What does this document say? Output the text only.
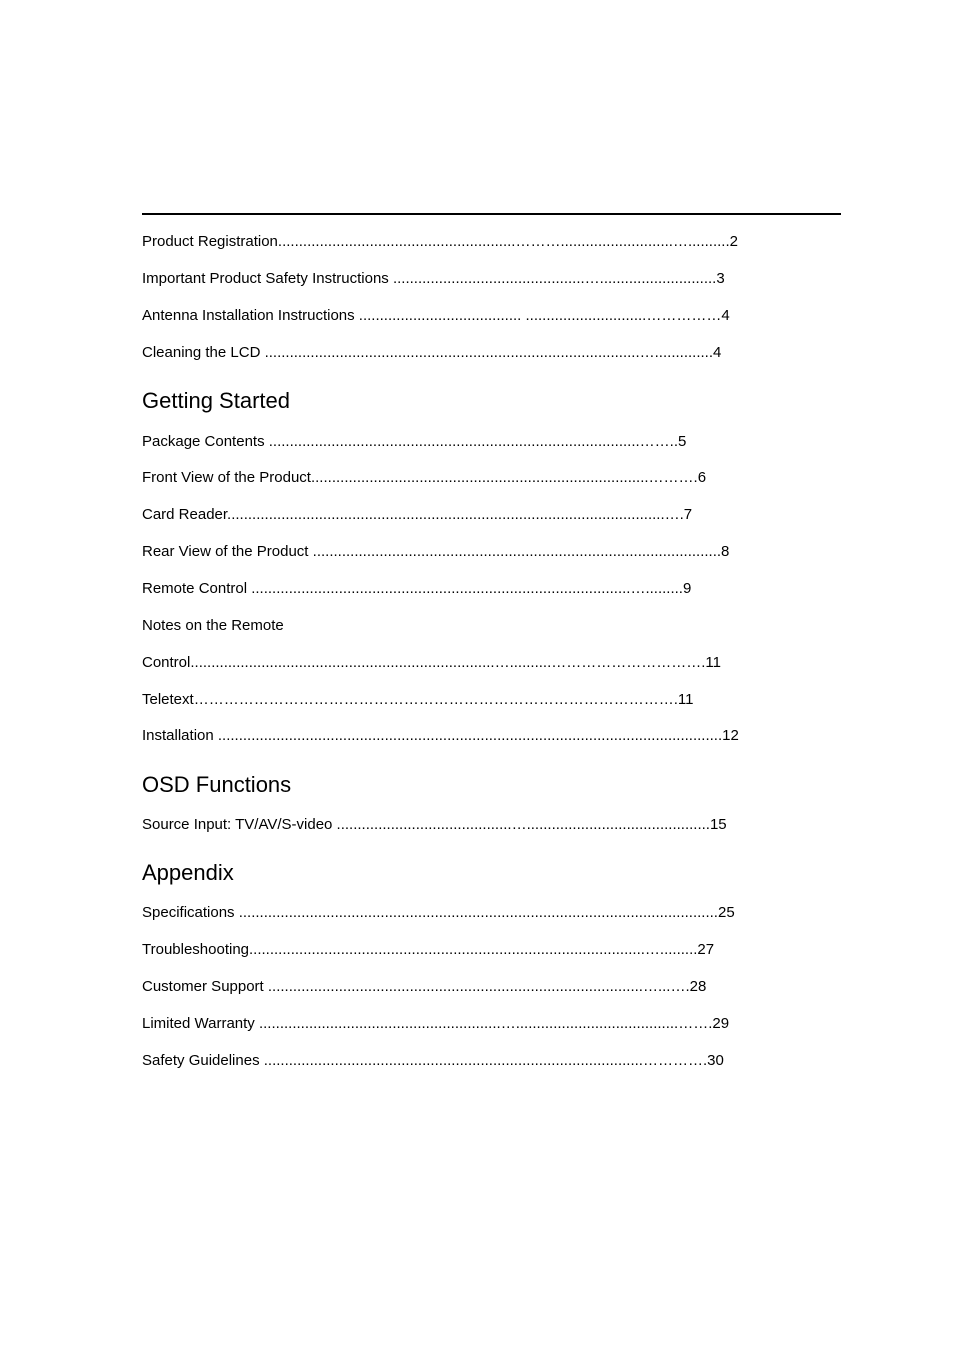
Product Registration.........................................................………...........................…..........2
Important Product Safety Instructions ..............................................…............................3
Antenna Installation Instructions ....................................... .............................……………4
Cleaning the LCD ..........................................................................................…..............4
Getting Started
Package Contents .........................................................................................……..5
Front View of the Product.................................................................................……….6
Card Reader.........................................................................................................….7
Rear View of the Product ..................................................................................................8
Remote Control ...........................................................................................….........9
Notes on the Remote
Control.........................................................................…..........………………………….11
Teletext…………………………………………………………………………………….11
Installation .........................................................................................................................12
OSD Functions
Source Input: TV/AV/S-video ..........................................…............................................15
Appendix
Specifications ...................................................................................................................25
Troubleshooting...............................................................................................….........27
Customer Support ..........................................................................................…...….28
Limited Warranty ..........................................................….......................................…….29
Safety Guidelines ...........................................................................................………….30
